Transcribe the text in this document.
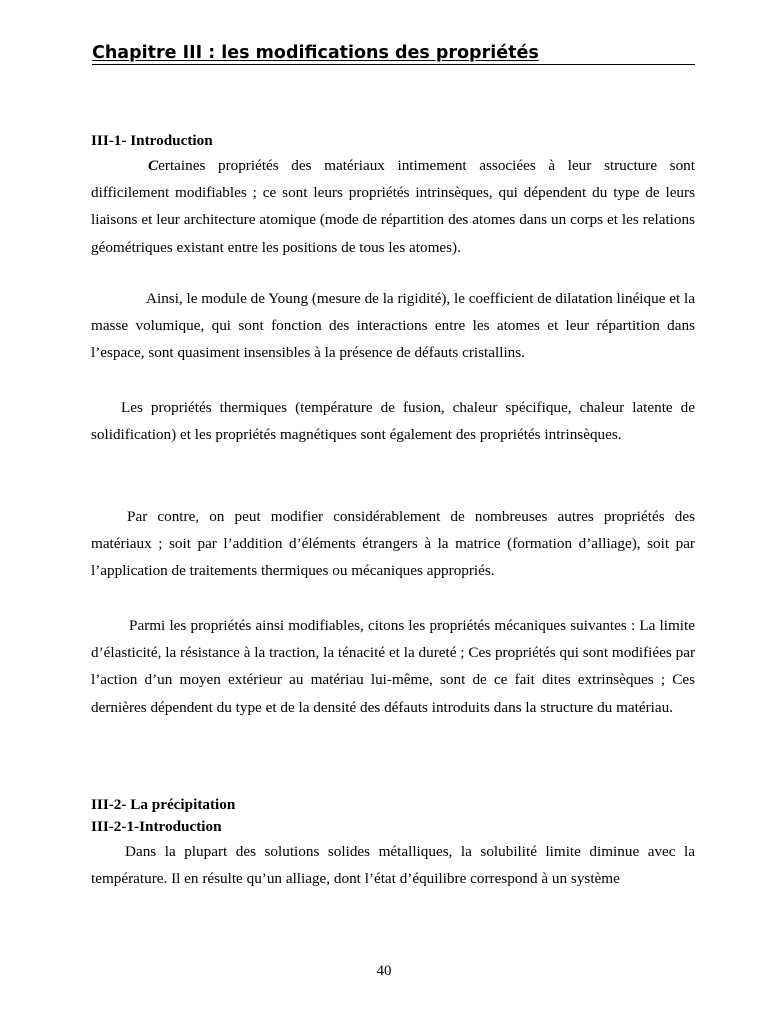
Chapitre III : les modifications des propriétés
III-1- Introduction

Certaines propriétés des matériaux intimement associées à leur structure sont difficilement modifiables ; ce sont leurs propriétés intrinsèques, qui dépendent du type de leurs liaisons et leur architecture atomique (mode de répartition des atomes dans un corps et les relations géométriques existant entre les positions de tous les atomes).

Ainsi, le module de Young (mesure de la rigidité), le coefficient de dilatation linéique et la masse volumique, qui sont fonction des interactions entre les atomes et leur répartition dans l’espace, sont quasiment insensibles à la présence de défauts cristallins.

Les propriétés thermiques (température de fusion, chaleur spécifique, chaleur latente de solidification) et les propriétés magnétiques sont également des propriétés intrinsèques.

Par contre, on peut modifier considérablement de nombreuses autres propriétés des matériaux ; soit par l’addition d’éléments étrangers à la matrice (formation d’alliage), soit par l’application de traitements thermiques ou mécaniques appropriés.

Parmi les propriétés ainsi modifiables, citons les propriétés mécaniques suivantes : La limite d’élasticité, la résistance à la traction, la ténacité et la dureté ; Ces propriétés qui sont modifiées par l’action d’un moyen extérieur au matériau lui-même, sont de ce fait dites extrinsèques ; Ces dernières dépendent du type et de la densité des défauts introduits dans la structure du matériau.

III-2- La précipitation
III-2-1-Introduction

Dans la plupart des solutions solides métalliques, la solubilité limite diminue avec la température. Il en résulte qu’un alliage, dont l’état d’équilibre correspond à un système

40
